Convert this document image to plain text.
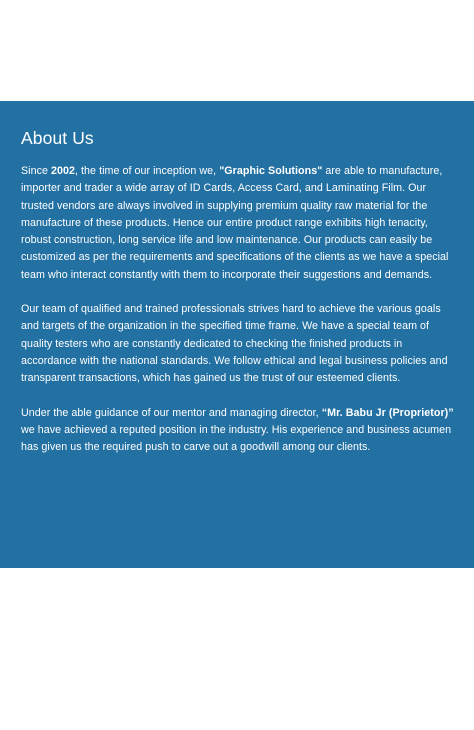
About Us

Since 2002, the time of our inception we, "Graphic Solutions" are able to manufacture, importer and trader a wide array of ID Cards, Access Card, and Laminating Film. Our trusted vendors are always involved in supplying premium quality raw material for the manufacture of these products. Hence our entire product range exhibits high tenacity, robust construction, long service life and low maintenance. Our products can easily be customized as per the requirements and specifications of the clients as we have a special team who interact constantly with them to incorporate their suggestions and demands.

Our team of qualified and trained professionals strives hard to achieve the various goals and targets of the organization in the specified time frame. We have a special team of quality testers who are constantly dedicated to checking the finished products in accordance with the national standards. We follow ethical and legal business policies and transparent transactions, which has gained us the trust of our esteemed clients.

Under the able guidance of our mentor and managing director, “Mr. Babu Jr (Proprietor)” we have achieved a reputed position in the industry. His experience and business acumen has given us the required push to carve out a goodwill among our clients.
